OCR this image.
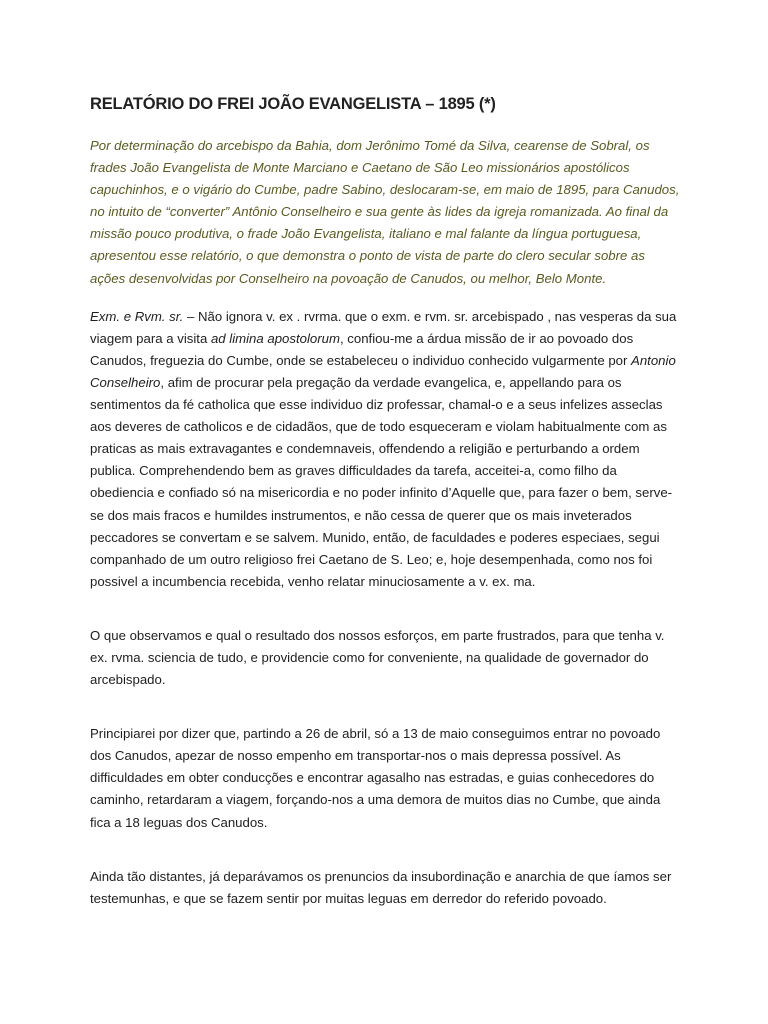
RELATÓRIO DO FREI JOÃO EVANGELISTA – 1895 (*)

Por determinação do arcebispo da Bahia, dom Jerônimo Tomé da Silva, cearense de Sobral, os frades João Evangelista de Monte Marciano e Caetano de São Leo missionários apostólicos capuchinhos, e o vigário do Cumbe, padre Sabino, deslocaram-se, em maio de 1895, para Canudos, no intuito de “converter” Antônio Conselheiro e sua gente às lides da igreja romanizada. Ao final da missão pouco produtiva, o frade João Evangelista, italiano e mal falante da língua portuguesa, apresentou esse relatório, o que demonstra o ponto de vista de parte do clero secular sobre as ações desenvolvidas por Conselheiro na povoação de Canudos, ou melhor, Belo Monte.

Exm. e Rvm. sr. – Não ignora v. ex . rvrma. que o exm. e rvm. sr. arcebispado , nas vesperas da sua viagem para a visita ad limina apostolorum, confiou-me a árdua missão de ir ao povoado dos Canudos, freguezia do Cumbe, onde se estabeleceu o individuo conhecido vulgarmente por Antonio Conselheiro, afim de procurar pela pregação da verdade evangelica, e, appellando para os sentimentos da fé catholica que esse individuo diz professar, chamal-o e a seus infelizes asseclas aos deveres de catholicos e de cidadãos, que de todo esqueceram e violam habitualmente com as praticas as mais extravagantes e condemnaveis, offendendo a religião e perturbando a ordem publica. Comprehendendo bem as graves difficuldades da tarefa, acceitei-a, como filho da obediencia e confiado só na misericordia e no poder infinito d’Aquelle que, para fazer o bem, serve-se dos mais fracos e humildes instrumentos, e não cessa de querer que os mais inveterados peccadores se convertam e se salvem. Munido, então, de faculdades e poderes especiaes, segui companhado de um outro religioso frei Caetano de S. Leo; e, hoje desempenhada, como nos foi possivel a incumbencia recebida, venho relatar minuciosamente a v. ex. ma.

O que observamos e qual o resultado dos nossos esforços, em parte frustrados, para que tenha v. ex. rvma. sciencia de tudo, e providencie como for conveniente, na qualidade de governador do arcebispado.

Principiarei por dizer que, partindo a 26 de abril, só a 13 de maio conseguimos entrar no povoado dos Canudos, apezar de nosso empenho em transportar-nos o mais depressa possível. As difficuldades em obter conducções e encontrar agasalho nas estradas, e guias conhecedores do caminho, retardaram a viagem, forçando-nos a uma demora de muitos dias no Cumbe, que ainda fica a 18 leguas dos Canudos.

Ainda tão distantes, já deparávamos os prenuncios da insubordinação e anarchia de que íamos ser testemunhas, e que se fazem sentir por muitas leguas em derredor do referido povoado.
